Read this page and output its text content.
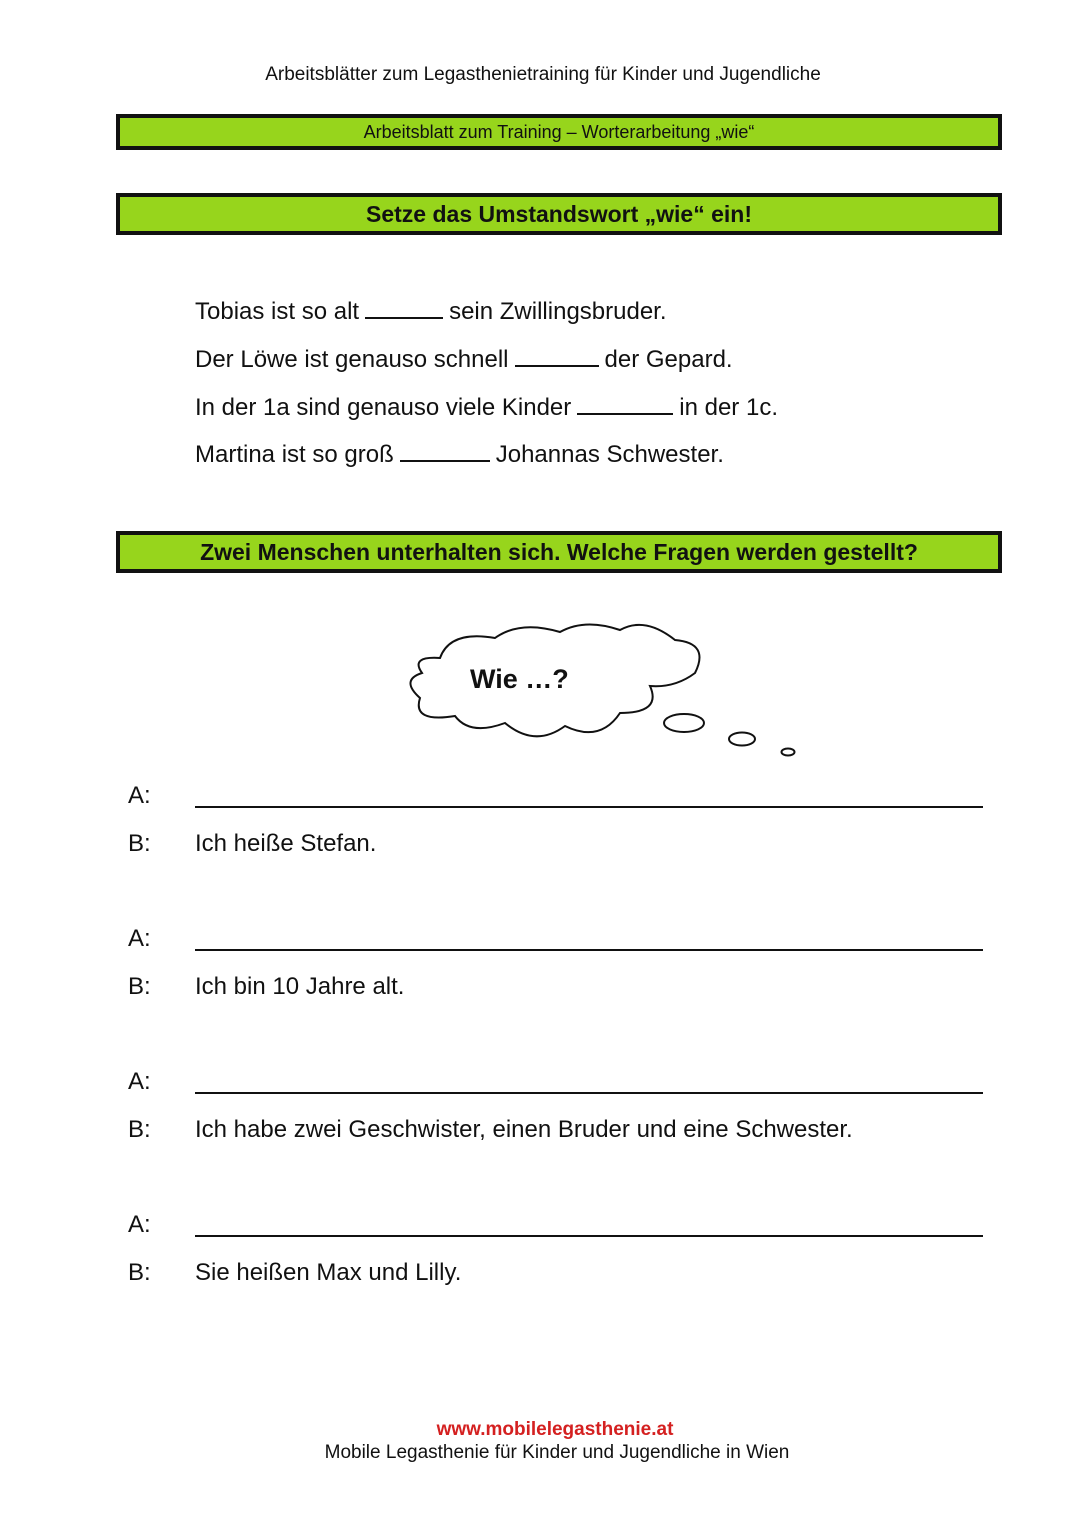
Arbeitsblätter zum Legasthenietraining für Kinder und Jugendliche
Arbeitsblatt zum Training – Worterarbeitung „wie“
Setze das Umstandswort „wie“ ein!
Tobias ist so alt	sein Zwillingsbruder.
Der Löwe ist genauso schnell	der Gepard.
In der 1a sind genauso viele Kinder	in der 1c.
Martina ist so groß	Johannas Schwester.
Zwei Menschen unterhalten sich. Welche Fragen werden gestellt?
Wie …?
A:
B: Ich heiße Stefan.
A:
B: Ich bin 10 Jahre alt.
A:
B: Ich habe zwei Geschwister, einen Bruder und eine Schwester.
A:
B: Sie heißen Max und Lilly.
www.mobilelegasthenie.at
Mobile Legasthenie für Kinder und Jugendliche in Wien
